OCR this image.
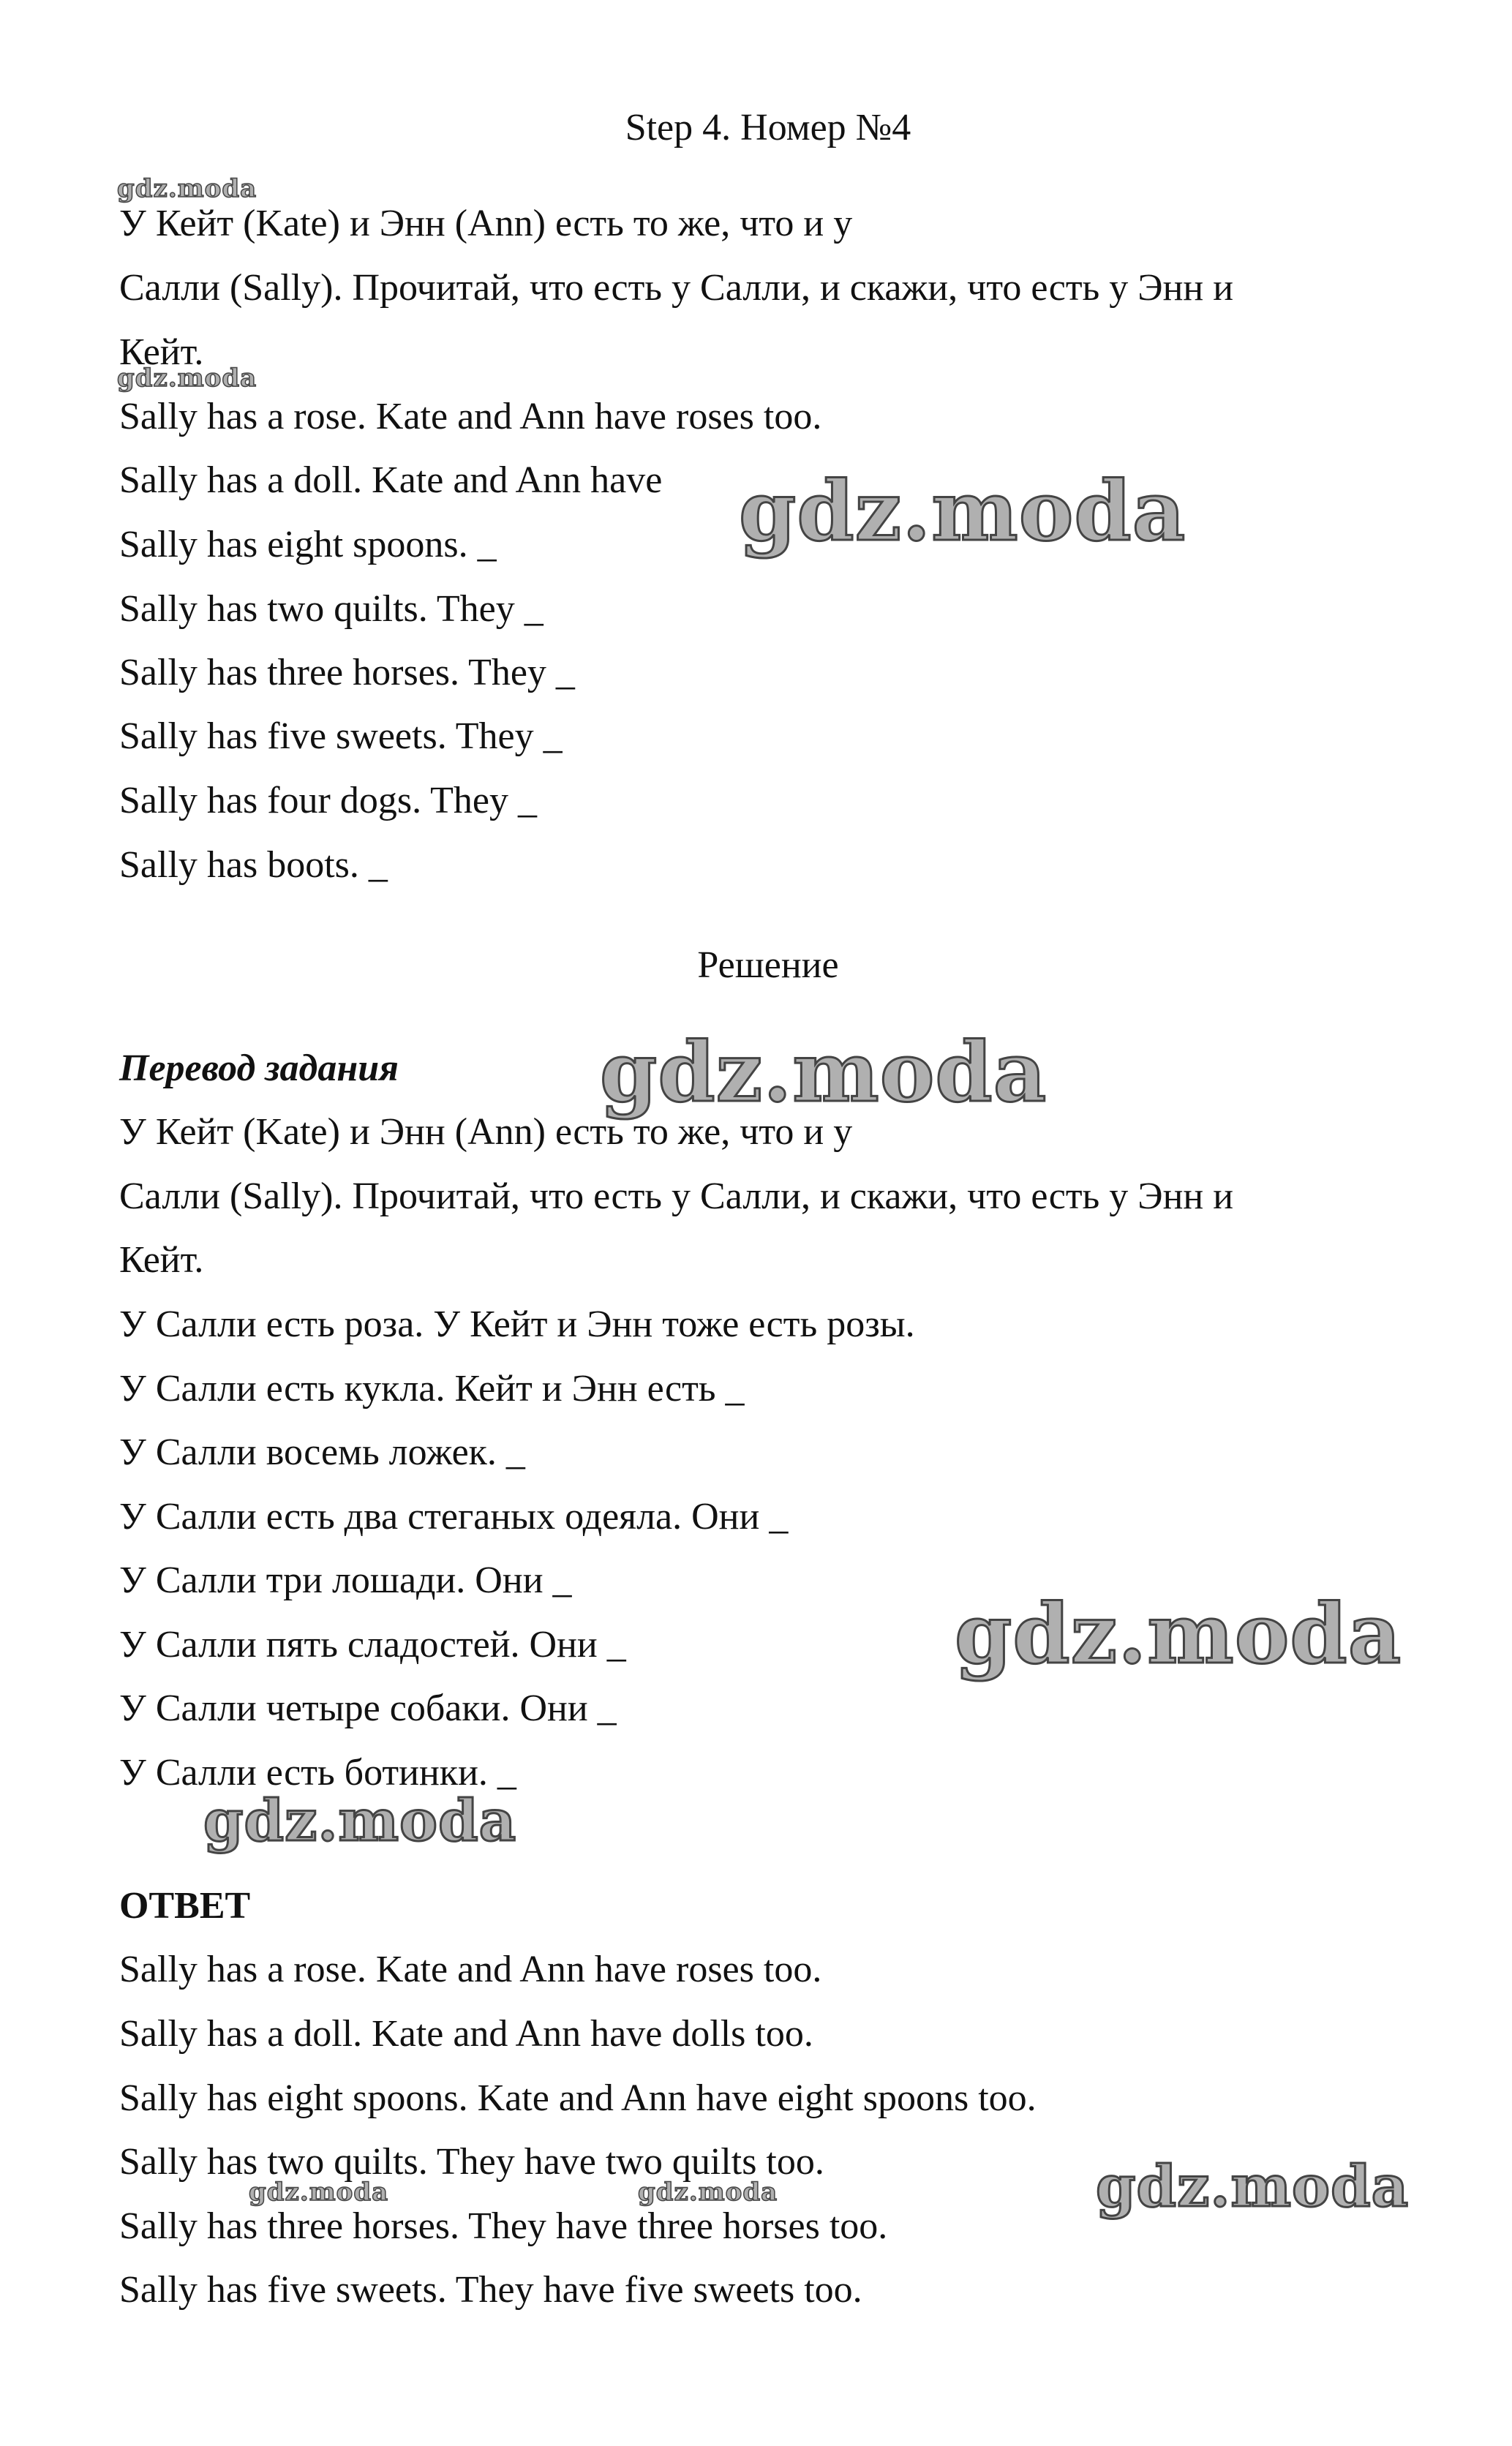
Step 4. Номер №4
У Кейт (Kate) и Энн (Ann) есть то же, что и у
Салли (Sally). Прочитай, что есть у Салли, и скажи, что есть у Энн и
Кейт.
Sally has a rose. Kate and Ann have roses too.
Sally has a doll. Kate and Ann have
Sally has eight spoons. _
Sally has two quilts. They _
Sally has three horses. They _
Sally has five sweets. They _
Sally has four dogs. They _
Sally has boots. _
Решение
Перевод задания
У Кейт (Kate) и Энн (Ann) есть то же, что и у
Салли (Sally). Прочитай, что есть у Салли, и скажи, что есть у Энн и
Кейт.
У Салли есть роза. У Кейт и Энн тоже есть розы.
У Салли есть кукла. Кейт и Энн есть _
У Салли восемь ложек. _
У Салли есть два стеганых одеяла. Они _
У Салли три лошади. Они _
У Салли пять сладостей. Они _
У Салли четыре собаки. Они _
У Салли есть ботинки. _
ОТВЕТ
Sally has a rose. Kate and Ann have roses too.
Sally has a doll. Kate and Ann have dolls too.
Sally has eight spoons. Kate and Ann have eight spoons too.
Sally has two quilts. They have two quilts too.
Sally has three horses. They have three horses too.
Sally has five sweets. They have five sweets too.
gdz.moda
gdz.moda
gdz.moda
gdz.moda
gdz.moda
gdz.moda
gdz.moda
gdz.moda	gdz.moda
